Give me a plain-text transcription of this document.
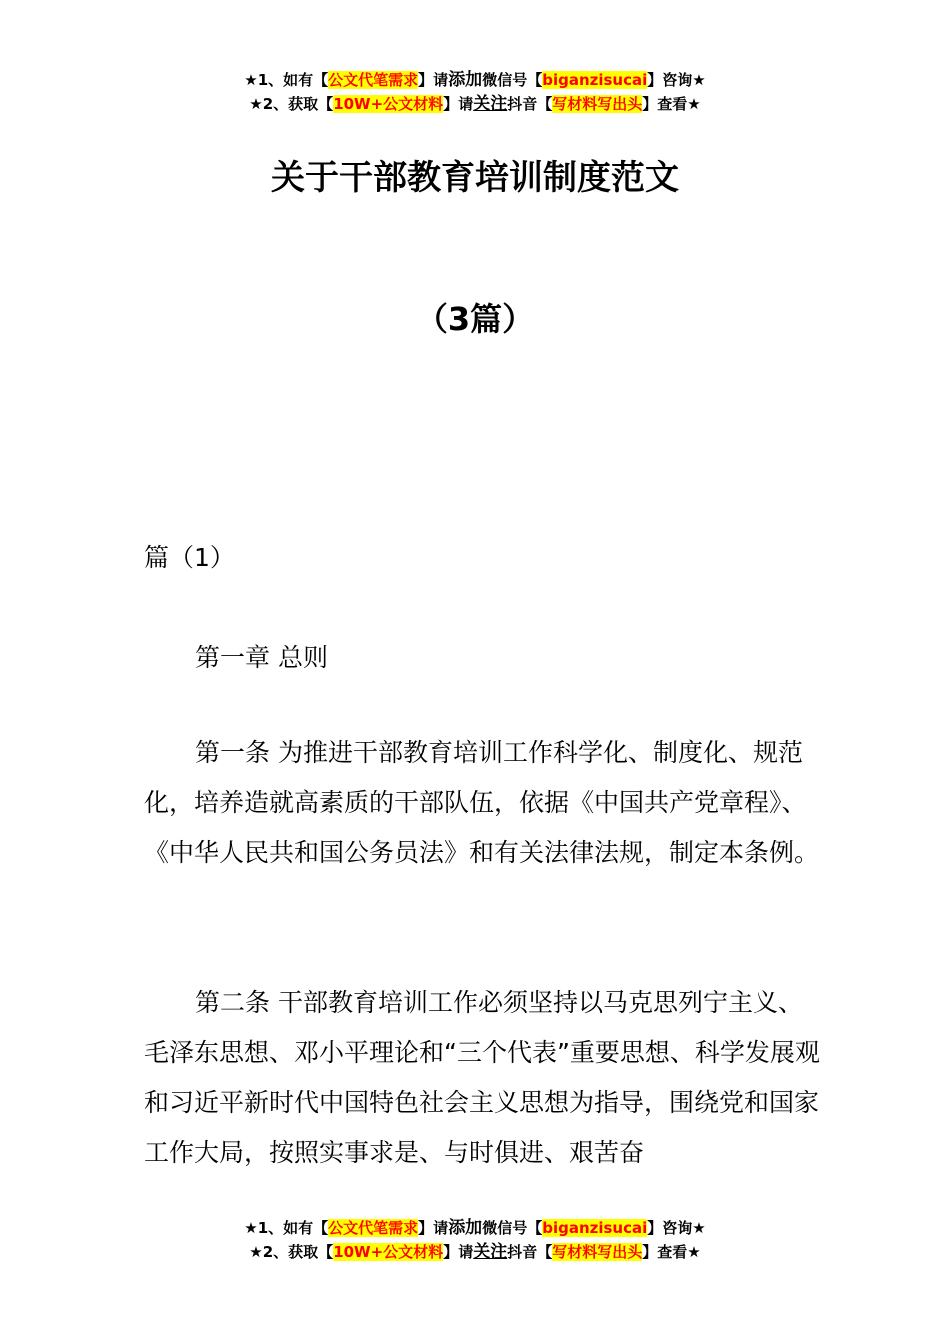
★1、如有【公文代笔需求】请添加微信号【biganzisucai】咨询★
★2、获取【10W+公文材料】请关注抖音【写材料写出头】查看★
关于干部教育培训制度范文
（3篇）
篇（1）
第一章 总则

第一条 为推进干部教育培训工作科学化、制度化、规范化，培养造就高素质的干部队伍，依据《中国共产党章程》、《中华人民共和国公务员法》和有关法律法规，制定本条例。

第二条 干部教育培训工作必须坚持以马克思列宁主义、毛泽东思想、邓小平理论和“三个代表”重要思想、科学发展观和习近平新时代中国特色社会主义思想为指导，围绕党和国家工作大局，按照实事求是、与时俱进、艰苦奋

★1、如有【公文代笔需求】请添加微信号【biganzisucai】咨询★
★2、获取【10W+公文材料】请关注抖音【写材料写出头】查看★
